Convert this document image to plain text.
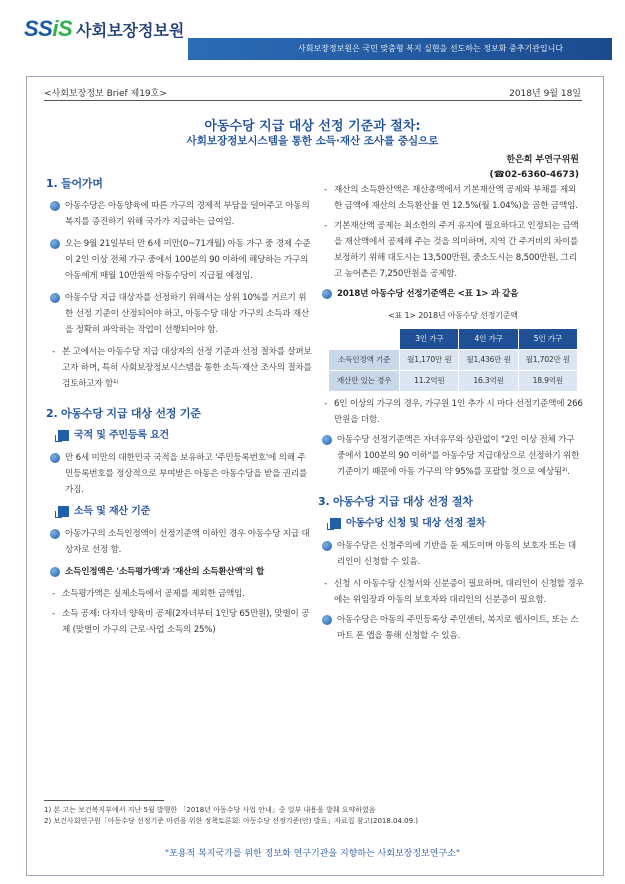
SSiS 사회보장정보원
사회보장정보원은 국민 맞춤형 복지 실현을 선도하는 정보화 중추기관입니다
<사회보장정보 Brief 제19호>	2018년 9월 18일
아동수당 지급 대상 선정 기준과 절차:
사회보장정보시스템을 통한 소득·재산 조사를 중심으로
한은희 부연구위원
(☎02-6360-4673)
1. 들어가며
아동수당은 아동양육에 따른 가구의 경제적 부담을 덜어주고 아동의 복지를 증진하기 위해 국가가 지급하는 급여임.
오는 9월 21일부터 만 6세 미만(0~71개월) 아동 가구 중 경제 수준이 2인 이상 전체 가구 중에서 100분의 90 이하에 해당하는 가구의 아동에게 매월 10만원씩 아동수당이 지급될 예정임.
아동수당 지급 대상자를 선정하기 위해서는 상위 10%를 거르기 위한 선정 기준이 산정되어야 하고, 아동수당 대상 가구의 소득과 재산을 정확히 파악하는 작업이 선행되어야 함.
- 본 고에서는 아동수당 지급 대상자의 선정 기준과 선정 절차를 살펴보고자 하며, 특히 사회보장정보시스템을 통한 소득·재산 조사의 절차를 검토하고자 함¹⁾
2. 아동수당 지급 대상 선정 기준
국적 및 주민등록 요건
만 6세 미만의 대한민국 국적을 보유하고 '주민등록번호'에 의해 주민등록번호를 정상적으로 부여받은 아동은 아동수당을 받을 권리를 가짐.
소득 및 재산 기준
아동가구의 소득인정액이 선정기준액 이하인 경우 아동수당 지급 대상자로 선정 함.
소득인정액은 '소득평가액'과 '재산의 소득환산액'의 합
- 소득평가액은 실제소득에서 공제를 제외한 금액임.
- 소득 공제: 다자녀 양육비 공제(2자녀부터 1인당 65만원), 맞벌이 공제 (맞벌이 가구의 근로·사업 소득의 25%)
- 재산의 소득환산액은 재산총액에서 기본재산액 공제와 부채를 제외한 금액에 재산의 소득환산율 연 12.5%(월 1.04%)을 곱한 금액임.
- 기본재산액 공제는 최소한의 주거 유지에 필요하다고 인정되는 금액을 재산액에서 공제해 주는 것을 의미하며, 지역 간 주거비의 차이를 보정하기 위해 대도시는 13,500만원, 중소도시는 8,500만원, 그리고 농어촌은 7,250만원을 공제함.
2018년 아동수당 선정기준액은 <표 1> 과 같음
<표 1> 2018년 아동수당 선정기준액
	3인 가구	4인 가구	5인 가구
소득인정액 기준	월1,170만 원	월1,436만 원	월1,702만 원
재산만 있는 경우	11.2억원	16.3억원	18.9억원
- 6인 이상의 가구의 경우, 가구원 1인 추가 시 마다 선정기준액에 266만원을 더함.
아동수당 선정기준액은 자녀유무와 상관없이 "2인 이상 전체 가구 중에서 100분의 90 이하"를 아동수당 지급대상으로 선정하기 위한 기준이기 때문에 아동 가구의 약 95%를 포괄할 것으로 예상됨²⁾.
3. 아동수당 지급 대상 선정 절차
아동수당 신청 및 대상 선정 절차
아동수당은 신청주의에 기반을 둔 제도이며 아동의 보호자 또는 대리인이 신청할 수 있음.
- 신청 시 아동수당 신청서와 신분증이 필요하며, 대리인이 신청할 경우에는 위임장과 아동의 보호자와 대리인의 신분증이 필요함.
아동수당은 아동의 주민등록상 주민센터, 복지로 웹사이트, 또는 스마트 폰 앱을 통해 신청할 수 있음.
1) 본 고는 보건복지부에서 지난 5월 발행한 「2018년 아동수당 사업 안내」중 일부 내용을 발췌 요약하였음
2) 보건사회연구원「아동수당 선정기준 마련을 위한 정책토론회: 아동수당 선정기준(안) 발표」자료집 참고(2018.04.09.)
"포용적 복지국가를 위한 정보화 연구기관을 지향하는 사회보장정보연구소"
